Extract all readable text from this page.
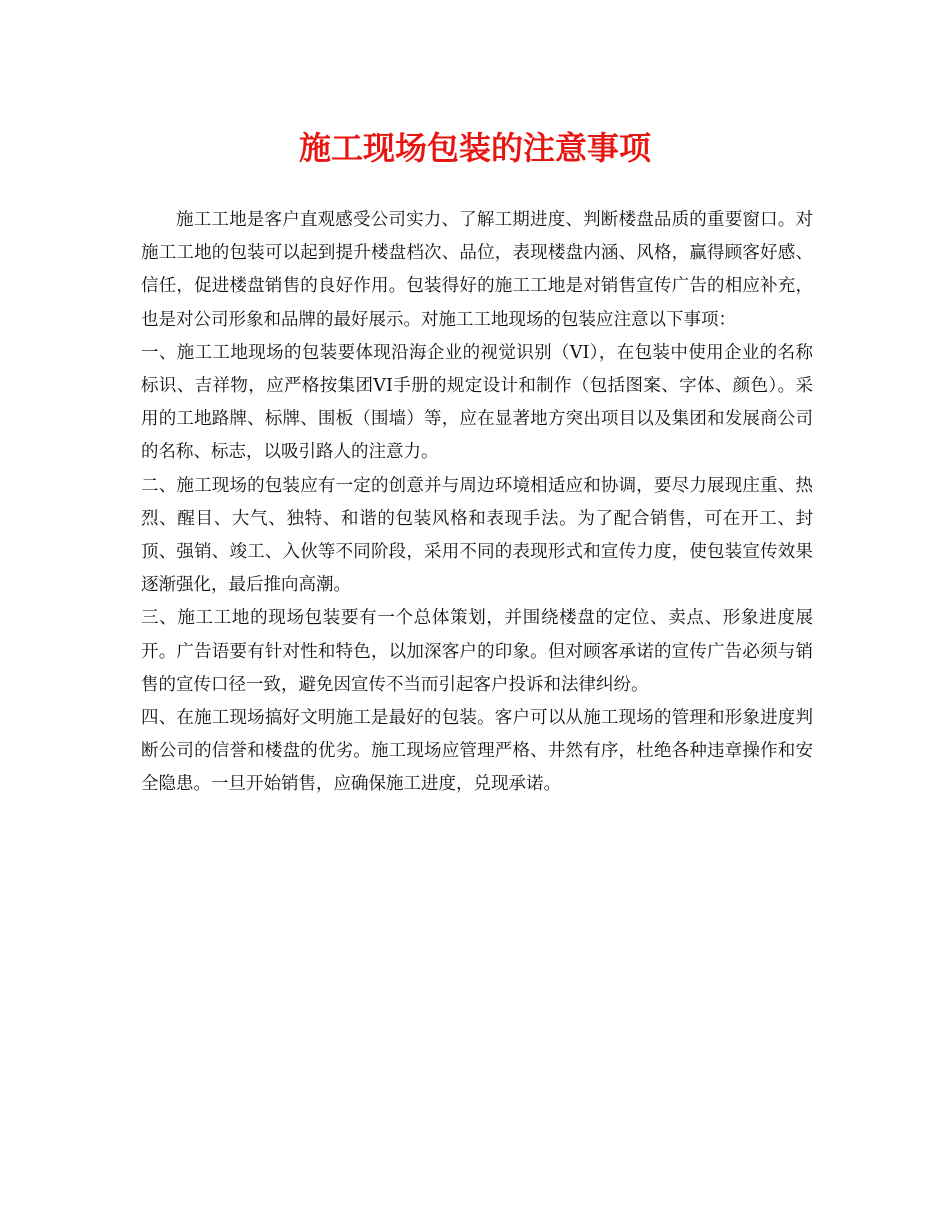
施工现场包装的注意事项

施工工地是客户直观感受公司实力、了解工期进度、判断楼盘品质的重要窗口。对施工工地的包装可以起到提升楼盘档次、品位，表现楼盘内涵、风格，赢得顾客好感、信任，促进楼盘销售的良好作用。包装得好的施工工地是对销售宣传广告的相应补充，也是对公司形象和品牌的最好展示。对施工工地现场的包装应注意以下事项：

一、施工工地现场的包装要体现沿海企业的视觉识别（VI），在包装中使用企业的名称标识、吉祥物，应严格按集团VI手册的规定设计和制作（包括图案、字体、颜色）。采用的工地路牌、标牌、围板（围墙）等，应在显著地方突出项目以及集团和发展商公司的名称、标志，以吸引路人的注意力。

二、施工现场的包装应有一定的创意并与周边环境相适应和协调，要尽力展现庄重、热烈、醒目、大气、独特、和谐的包装风格和表现手法。为了配合销售，可在开工、封顶、强销、竣工、入伙等不同阶段，采用不同的表现形式和宣传力度，使包装宣传效果逐渐强化，最后推向高潮。

三、施工工地的现场包装要有一个总体策划，并围绕楼盘的定位、卖点、形象进度展开。广告语要有针对性和特色，以加深客户的印象。但对顾客承诺的宣传广告必须与销售的宣传口径一致，避免因宣传不当而引起客户投诉和法律纠纷。

四、在施工现场搞好文明施工是最好的包装。客户可以从施工现场的管理和形象进度判断公司的信誉和楼盘的优劣。施工现场应管理严格、井然有序，杜绝各种违章操作和安全隐患。一旦开始销售，应确保施工进度，兑现承诺。
